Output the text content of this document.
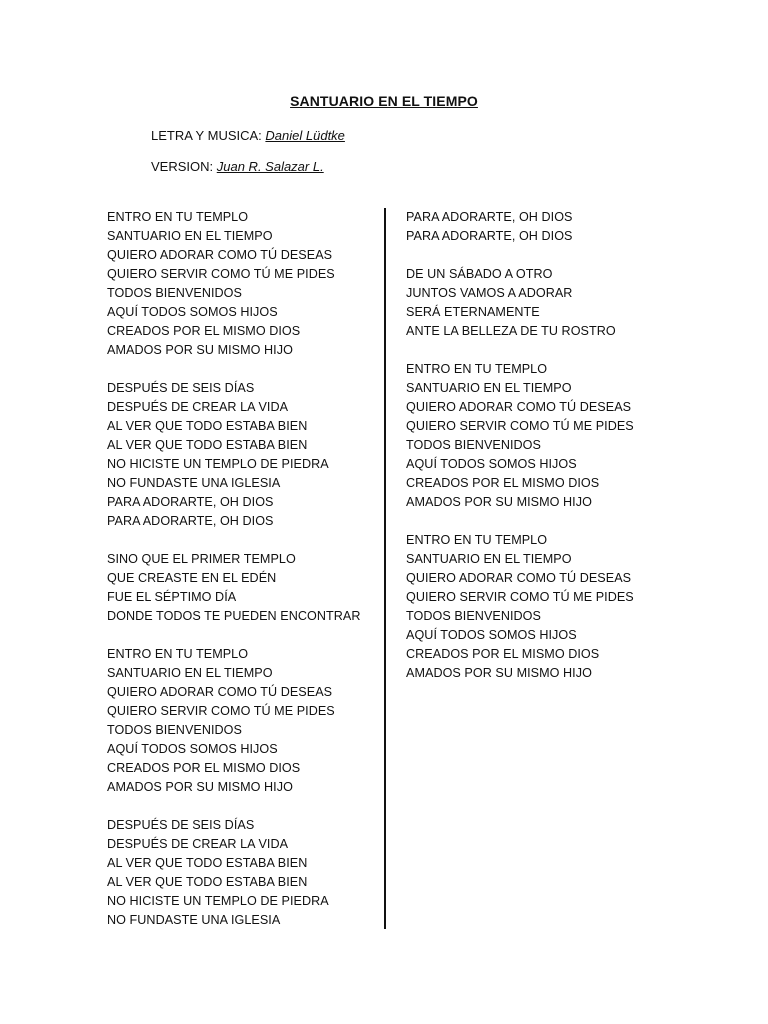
SANTUARIO EN EL TIEMPO
LETRA Y MUSICA: Daniel Lüdtke
VERSION: Juan R. Salazar L.
ENTRO EN TU TEMPLO
SANTUARIO EN EL TIEMPO
QUIERO ADORAR COMO TÚ DESEAS
QUIERO SERVIR COMO TÚ ME PIDES
TODOS BIENVENIDOS
AQUÍ TODOS SOMOS HIJOS
CREADOS POR EL MISMO DIOS
AMADOS POR SU MISMO HIJO
DESPUÉS DE SEIS DÍAS
DESPUÉS DE CREAR LA VIDA
AL VER QUE TODO ESTABA BIEN
AL VER QUE TODO ESTABA BIEN
NO HICISTE UN TEMPLO DE PIEDRA
NO FUNDASTE UNA IGLESIA
PARA ADORARTE, OH DIOS
PARA ADORARTE, OH DIOS
SINO QUE EL PRIMER TEMPLO
QUE CREASTE EN EL EDÉN
FUE EL SÉPTIMO DÍA
DONDE TODOS TE PUEDEN ENCONTRAR
ENTRO EN TU TEMPLO
SANTUARIO EN EL TIEMPO
QUIERO ADORAR COMO TÚ DESEAS
QUIERO SERVIR COMO TÚ ME PIDES
TODOS BIENVENIDOS
AQUÍ TODOS SOMOS HIJOS
CREADOS POR EL MISMO DIOS
AMADOS POR SU MISMO HIJO
DESPUÉS DE SEIS DÍAS
DESPUÉS DE CREAR LA VIDA
AL VER QUE TODO ESTABA BIEN
AL VER QUE TODO ESTABA BIEN
NO HICISTE UN TEMPLO DE PIEDRA
NO FUNDASTE UNA IGLESIA
PARA ADORARTE, OH DIOS
PARA ADORARTE, OH DIOS
DE UN SÁBADO A OTRO
JUNTOS VAMOS A ADORAR
SERÁ ETERNAMENTE
ANTE LA BELLEZA DE TU ROSTRO
ENTRO EN TU TEMPLO
SANTUARIO EN EL TIEMPO
QUIERO ADORAR COMO TÚ DESEAS
QUIERO SERVIR COMO TÚ ME PIDES
TODOS BIENVENIDOS
AQUÍ TODOS SOMOS HIJOS
CREADOS POR EL MISMO DIOS
AMADOS POR SU MISMO HIJO
ENTRO EN TU TEMPLO
SANTUARIO EN EL TIEMPO
QUIERO ADORAR COMO TÚ DESEAS
QUIERO SERVIR COMO TÚ ME PIDES
TODOS BIENVENIDOS
AQUÍ TODOS SOMOS HIJOS
CREADOS POR EL MISMO DIOS
AMADOS POR SU MISMO HIJO
